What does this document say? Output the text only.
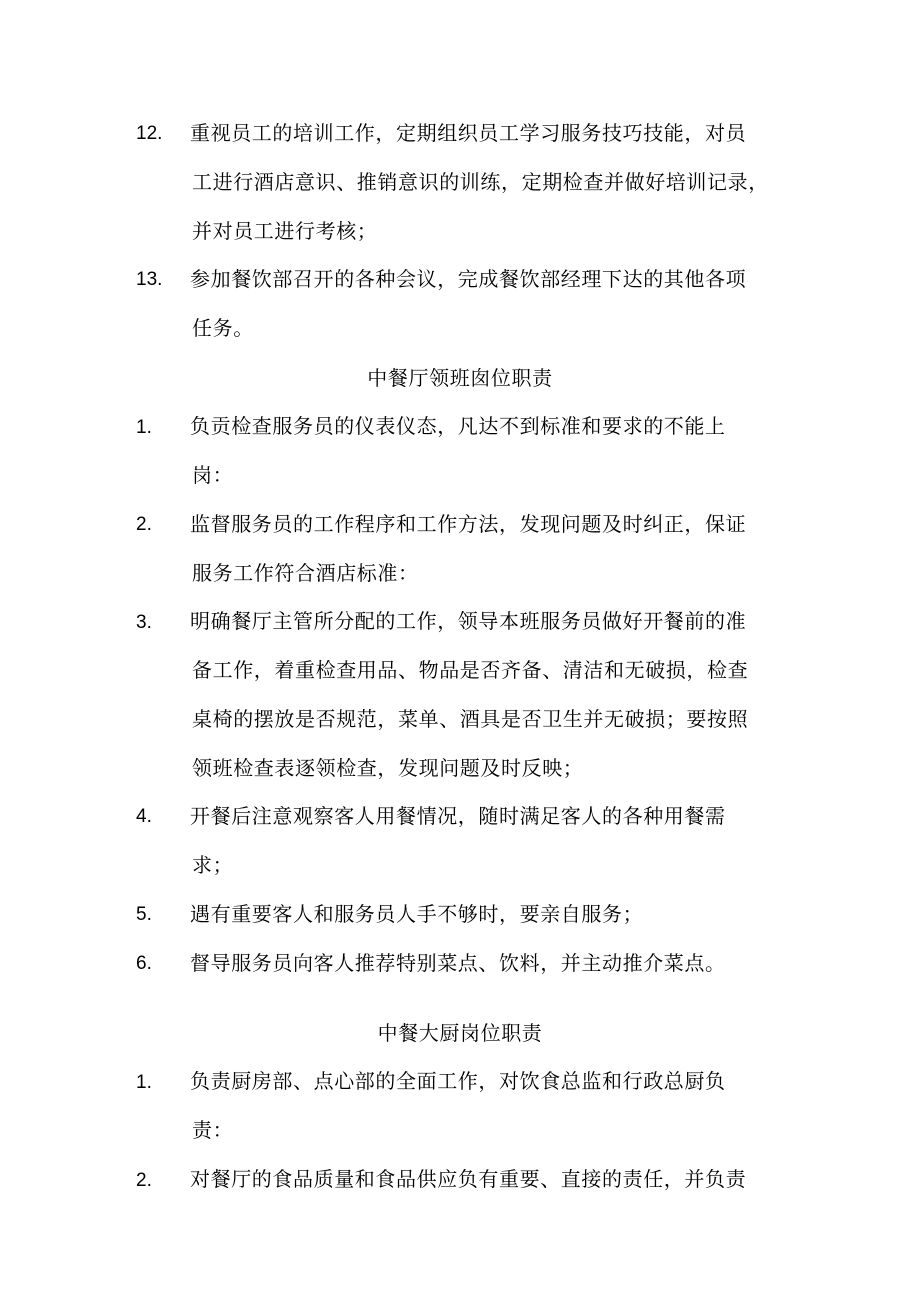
12. 重视员工的培训工作，定期组织员工学习服务技巧技能，对员
工进行酒店意识、推销意识的训练，定期检查并做好培训记录，
并对员工进行考核；
13. 参加餐饮部召开的各种会议，完成餐饮部经理下达的其他各项
任务。
中餐厅领班囱位职责
1. 负贡检查服务员的仪表仪态，凡达不到标准和要求的不能上
岗：
2. 监督服务员的工作程序和工作方法，发现问题及时纠正，保证
服务工作符合酒店标准：
3. 明确餐厅主管所分配的工作，领导本班服务员做好开餐前的准
备工作，着重检查用品、物品是否齐备、清洁和无破损，检查
桌椅的摆放是否规范，菜单、酒具是否卫生并无破损；要按照
领班检查表逐领检查，发现问题及时反映；
4. 开餐后注意观察客人用餐情况，随时满足客人的各种用餐需
求；
5. 遇有重要客人和服务员人手不够时，要亲自服务；
6. 督导服务员向客人推荐特别菜点、饮料，并主动推介菜点。
中餐大厨岗位职责
1. 负责厨房部、点心部的全面工作，对饮食总监和行政总厨负
责：
2. 对餐厅的食品质量和食品供应负有重要、直接的责任，并负责
